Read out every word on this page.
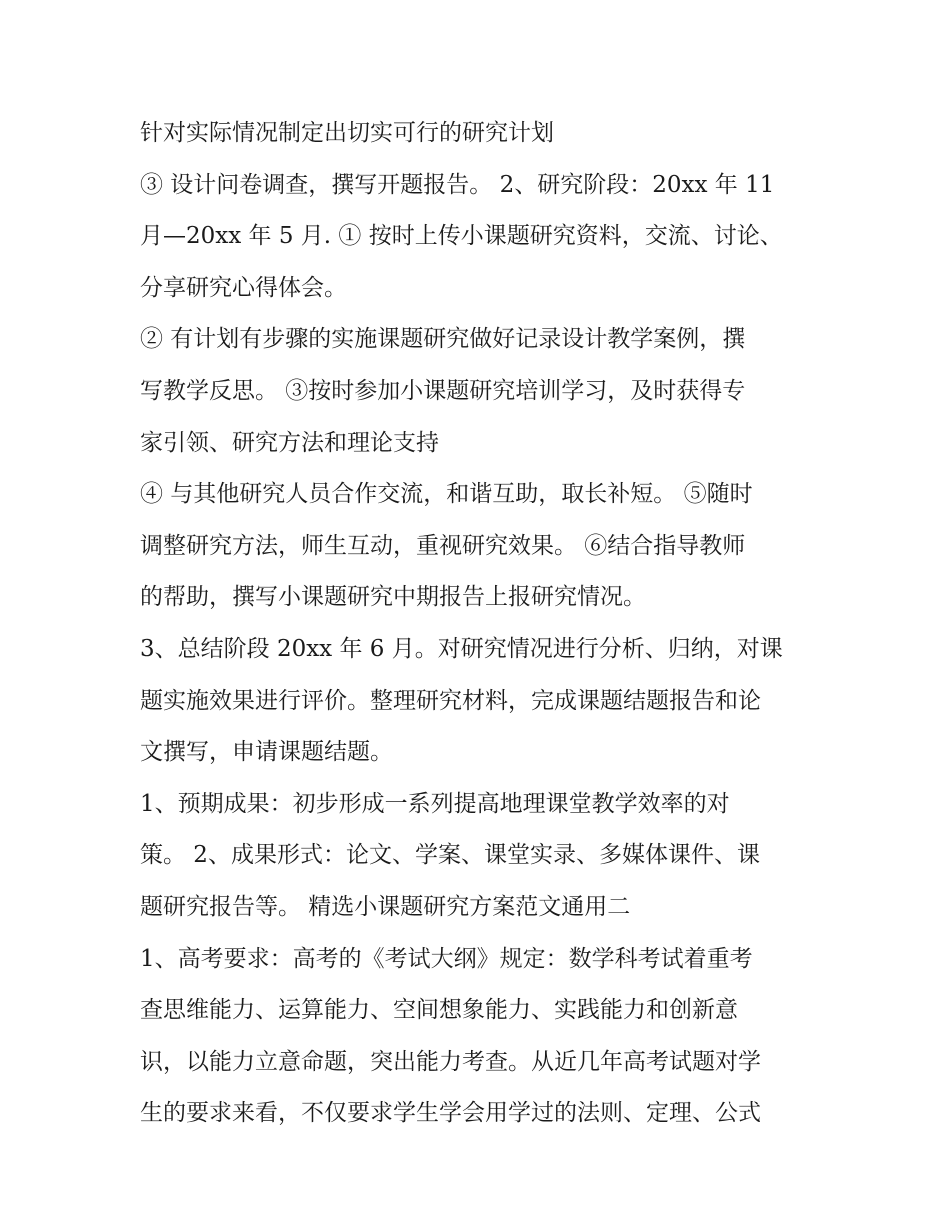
针对实际情况制定出切实可行的研究计划
③ 设计问卷调查，撰写开题报告。 2、研究阶段：20xx 年 11
月—20xx 年 5 月. ① 按时上传小课题研究资料，交流、讨论、
分享研究心得体会。
② 有计划有步骤的实施课题研究做好记录设计教学案例，撰
写教学反思。 ③按时参加小课题研究培训学习，及时获得专
家引领、研究方法和理论支持
④ 与其他研究人员合作交流，和谐互助，取长补短。 ⑤随时
调整研究方法，师生互动，重视研究效果。 ⑥结合指导教师
的帮助，撰写小课题研究中期报告上报研究情况。
3、总结阶段 20xx 年 6 月。对研究情况进行分析、归纳，对课
题实施效果进行评价。整理研究材料，完成课题结题报告和论
文撰写，申请课题结题。
1、预期成果：初步形成一系列提高地理课堂教学效率的对
策。 2、成果形式：论文、学案、课堂实录、多媒体课件、课
题研究报告等。 精选小课题研究方案范文通用二
1、高考要求：高考的《考试大纲》规定：数学科考试着重考
查思维能力、运算能力、空间想象能力、实践能力和创新意
识，以能力立意命题，突出能力考查。从近几年高考试题对学
生的要求来看，不仅要求学生学会用学过的法则、定理、公式
